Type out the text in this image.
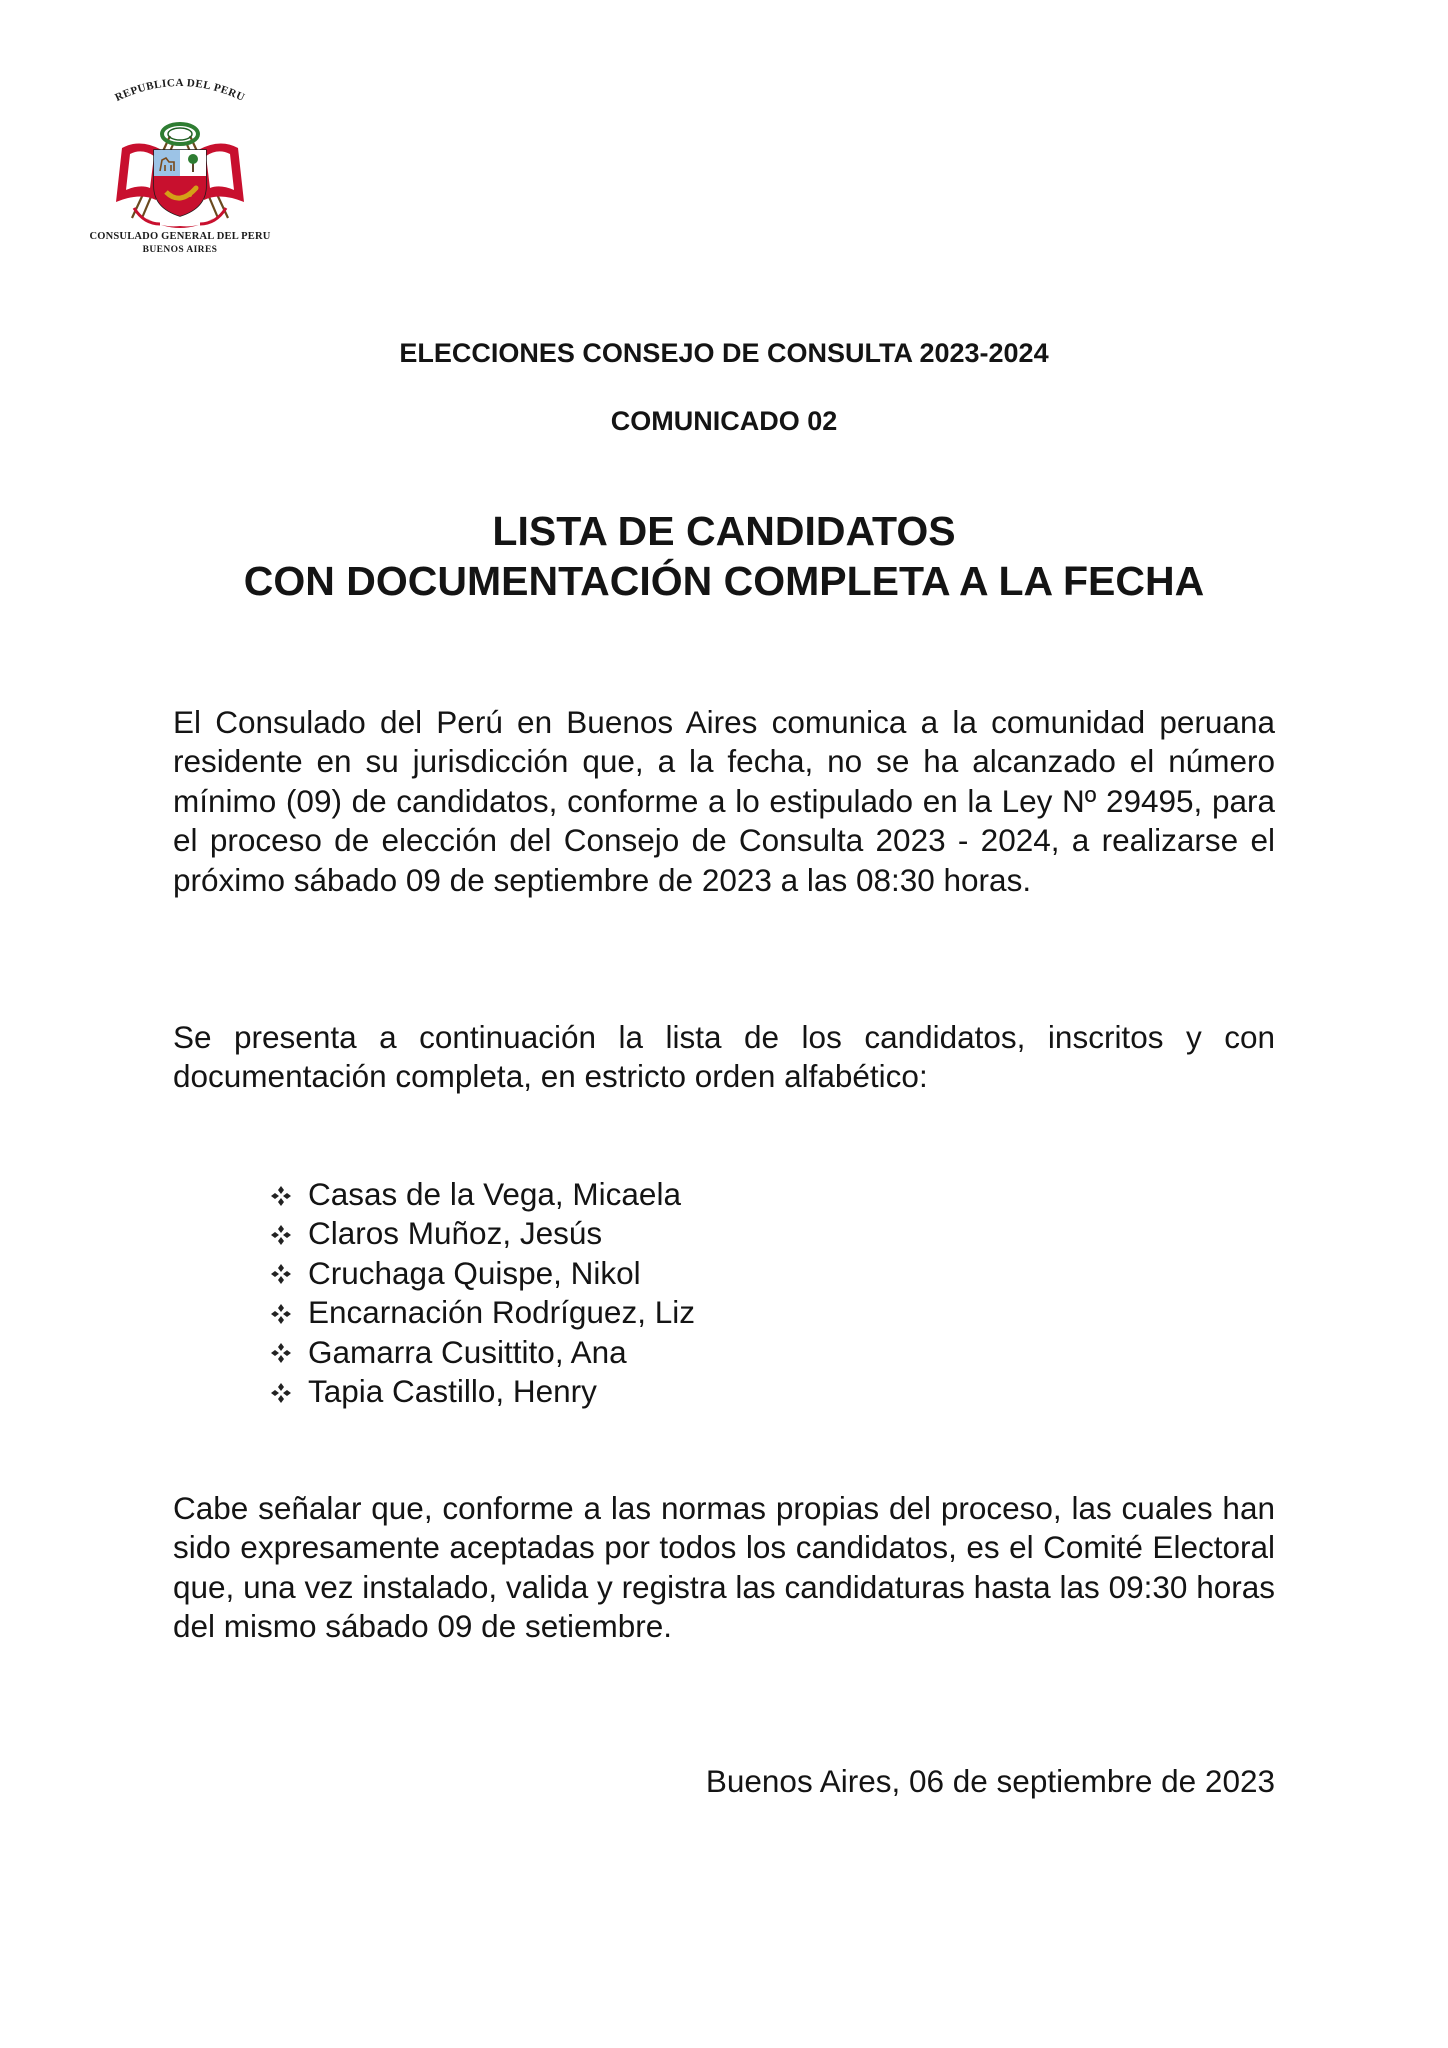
REPUBLICA DEL PERU
CONSULADO GENERAL DEL PERU
BUENOS AIRES
ELECCIONES CONSEJO DE CONSULTA 2023-2024
COMUNICADO 02
LISTA DE CANDIDATOS
CON DOCUMENTACIÓN COMPLETA A LA FECHA
El Consulado del Perú en Buenos Aires comunica a la comunidad peruana residente en su jurisdicción que, a la fecha, no se ha alcanzado el número mínimo (09) de candidatos, conforme a lo estipulado en la Ley Nº 29495, para el proceso de elección del Consejo de Consulta 2023 - 2024, a realizarse el próximo sábado 09 de septiembre de 2023 a las 08:30 horas.
Se presenta a continuación la lista de los candidatos, inscritos y con documentación completa, en estricto orden alfabético:
Casas de la Vega, Micaela
Claros Muñoz, Jesús
Cruchaga Quispe, Nikol
Encarnación Rodríguez, Liz
Gamarra Cusittito, Ana
Tapia Castillo, Henry
Cabe señalar que, conforme a las normas propias del proceso, las cuales han sido expresamente aceptadas por todos los candidatos, es el Comité Electoral que, una vez instalado, valida y registra las candidaturas hasta las 09:30 horas del mismo sábado 09 de setiembre.
Buenos Aires, 06 de septiembre de 2023
